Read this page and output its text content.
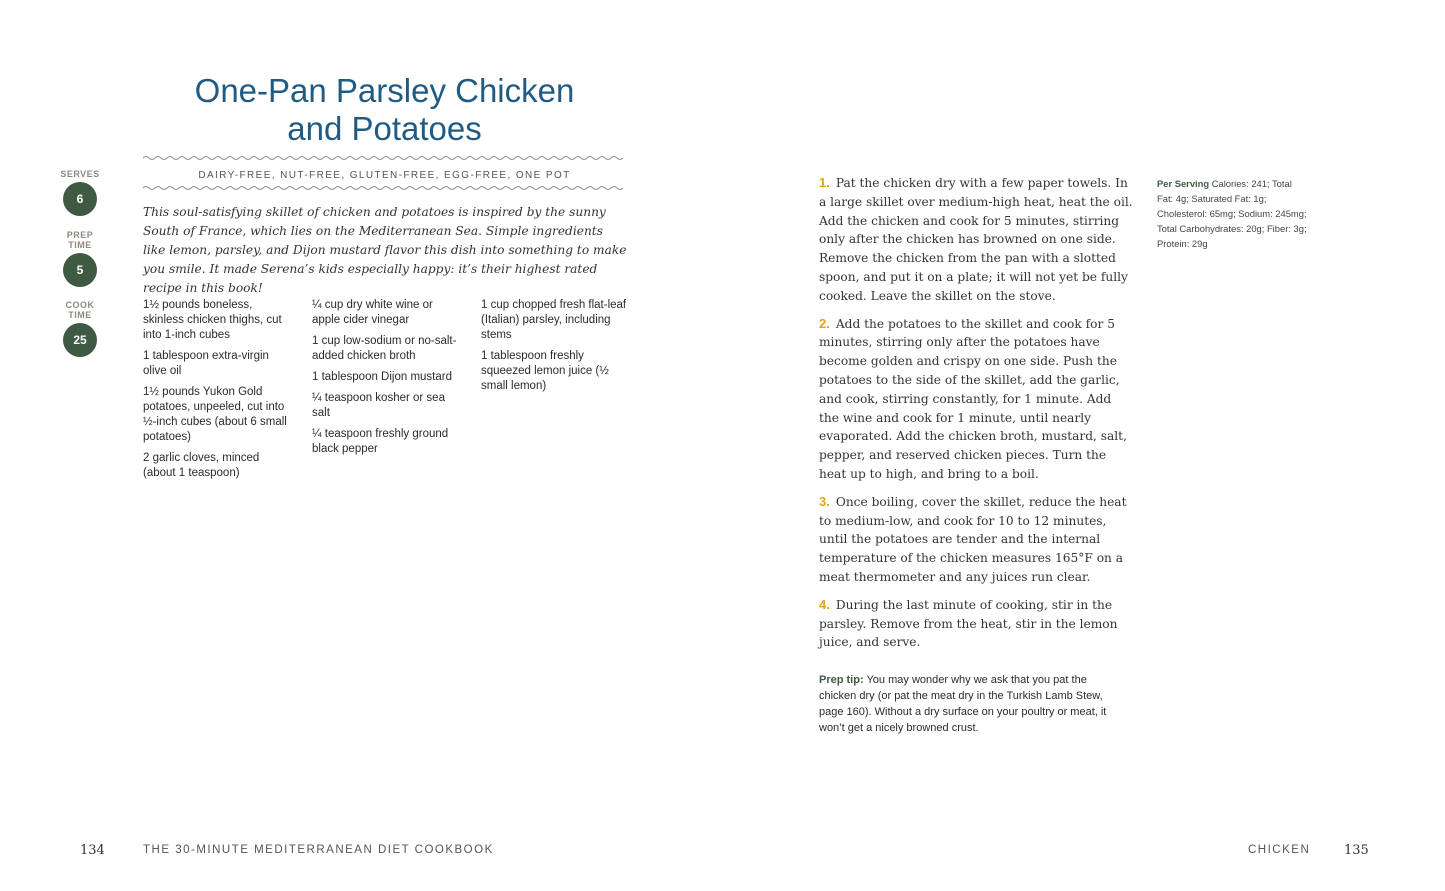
One-Pan Parsley Chicken
and Potatoes
DAIRY-FREE, NUT-FREE, GLUTEN-FREE, EGG-FREE, ONE POT
SERVES
6
PREP
TIME
5
COOK
TIME
25
This soul-satisfying skillet of chicken and potatoes is inspired by the sunny South of France, which lies on the Mediterranean Sea. Simple ingredients like lemon, parsley, and Dijon mustard flavor this dish into something to make you smile. It made Serena’s kids especially happy: it’s their highest rated recipe in this book!
1½ pounds boneless, skinless chicken thighs, cut into 1-inch cubes
1 tablespoon extra-virgin olive oil
1½ pounds Yukon Gold potatoes, unpeeled, cut into ½-inch cubes (about 6 small potatoes)
2 garlic cloves, minced (about 1 teaspoon)
¼ cup dry white wine or apple cider vinegar
1 cup low-sodium or no-salt-added chicken broth
1 tablespoon Dijon mustard
¼ teaspoon kosher or sea salt
¼ teaspoon freshly ground black pepper
1 cup chopped fresh flat-leaf (Italian) parsley, including stems
1 tablespoon freshly squeezed lemon juice (½ small lemon)
1. Pat the chicken dry with a few paper towels. In a large skillet over medium-high heat, heat the oil. Add the chicken and cook for 5 minutes, stirring only after the chicken has browned on one side. Remove the chicken from the pan with a slotted spoon, and put it on a plate; it will not yet be fully cooked. Leave the skillet on the stove.
2. Add the potatoes to the skillet and cook for 5 minutes, stirring only after the potatoes have become golden and crispy on one side. Push the potatoes to the side of the skillet, add the garlic, and cook, stirring constantly, for 1 minute. Add the wine and cook for 1 minute, until nearly evaporated. Add the chicken broth, mustard, salt, pepper, and reserved chicken pieces. Turn the heat up to high, and bring to a boil.
3. Once boiling, cover the skillet, reduce the heat to medium-low, and cook for 10 to 12 minutes, until the potatoes are tender and the internal temperature of the chicken measures 165°F on a meat thermometer and any juices run clear.
4. During the last minute of cooking, stir in the parsley. Remove from the heat, stir in the lemon juice, and serve.
Prep tip: You may wonder why we ask that you pat the chicken dry (or pat the meat dry in the Turkish Lamb Stew, page 160). Without a dry surface on your poultry or meat, it won’t get a nicely browned crust.
Per Serving Calories: 241; Total Fat: 4g; Saturated Fat: 1g; Cholesterol: 65mg; Sodium: 245mg; Total Carbohydrates: 20g; Fiber: 3g; Protein: 29g
134	THE 30-MINUTE MEDITERRANEAN DIET COOKBOOK	CHICKEN	135
